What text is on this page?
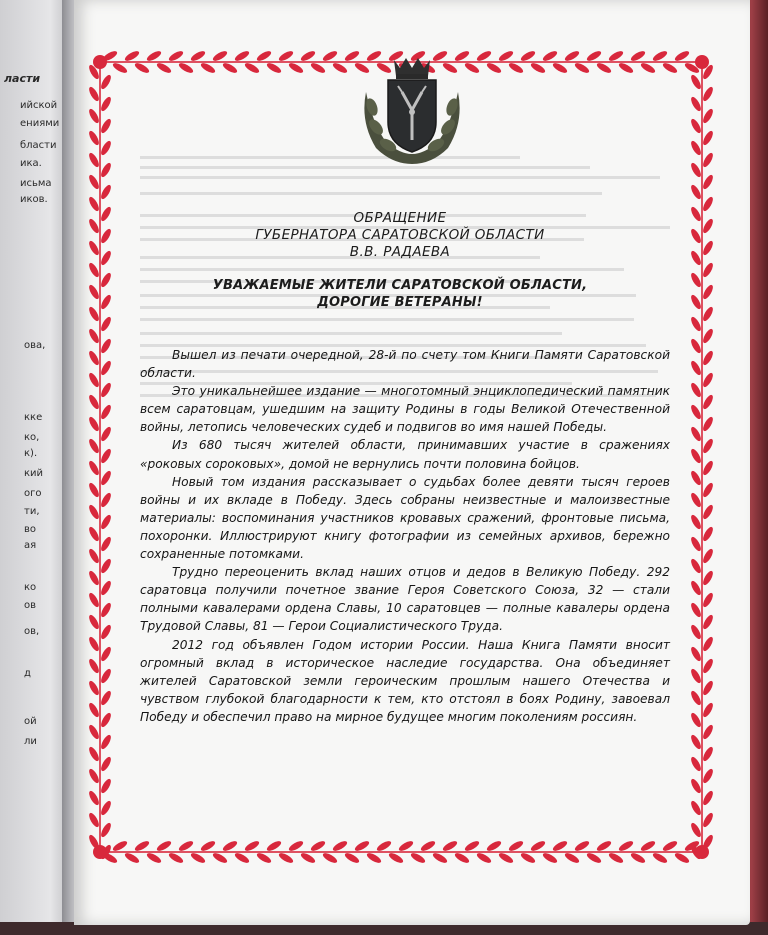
ласти
ийской
ениями
бласти
ика.
исьма
иков.
ова,
кке
ко,
к).
кий
ого
ти,
во
ая
ко
ов
ов,
д
ой
ли
ОБРАЩЕНИЕ
ГУБЕРНАТОРА САРАТОВСКОЙ ОБЛАСТИ
В.В. РАДАЕВА
УВАЖАЕМЫЕ ЖИТЕЛИ САРАТОВСКОЙ ОБЛАСТИ,
ДОРОГИЕ ВЕТЕРАНЫ!

Вышел из печати очередной, 28-й по счету том Книги Памяти Саратовской области.

Это уникальнейшее издание — многотомный энциклопедический памятник всем саратовцам, ушедшим на защиту Родины в годы Великой Отечественной войны, летопись человеческих судеб и подвигов во имя нашей Победы.

Из 680 тысяч жителей области, принимавших участие в сражениях «роковых сороковых», домой не вернулись почти половина бойцов.

Новый том издания рассказывает о судьбах более девяти тысяч героев войны и их вкладе в Победу. Здесь собраны неизвестные и малоизвестные материалы: воспоминания участников кровавых сражений, фронтовые письма, похоронки. Иллюстрируют книгу фотографии из семейных архивов, бережно сохраненные потомками.

Трудно переоценить вклад наших отцов и дедов в Великую Победу. 292 саратовца получили почетное звание Героя Советского Союза, 32 — стали полными кавалерами ордена Славы, 10 саратовцев — полные кавалеры ордена Трудовой Славы, 81 — Герои Социалистического Труда.

2012 год объявлен Годом истории России. Наша Книга Памяти вносит огромный вклад в историческое наследие государства. Она объединяет жителей Саратовской земли героическим прошлым нашего Отечества и чувством глубокой благодарности к тем, кто отстоял в боях Родину, завоевал Победу и обеспечил право на мирное будущее многим поколениям россиян.
